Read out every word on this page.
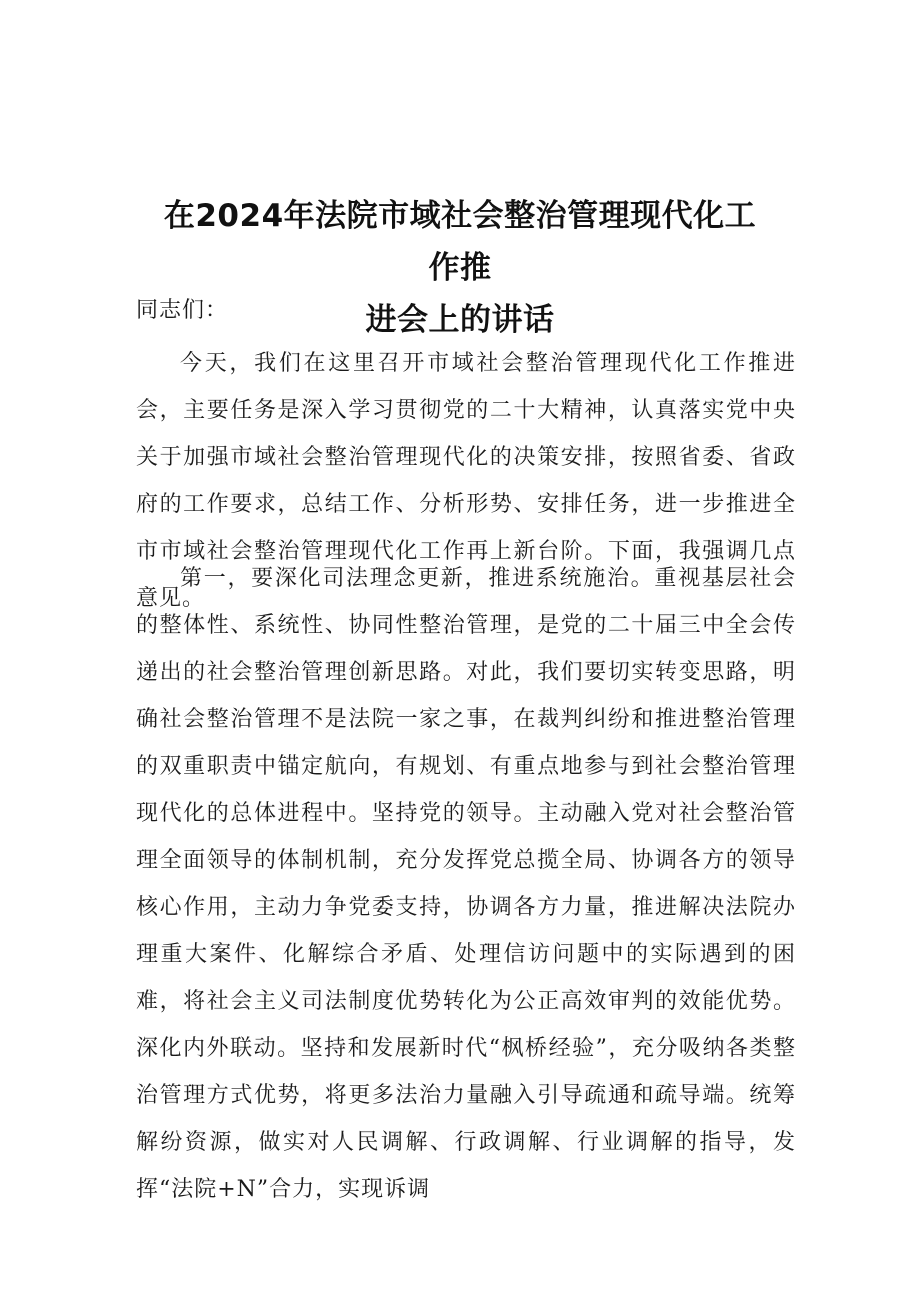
在2024年法院市域社会整治管理现代化工作推
进会上的讲话

同志们：

今天，我们在这里召开市域社会整治管理现代化工作推进会，主要任务是深入学习贯彻党的二十大精神，认真落实党中央关于加强市域社会整治管理现代化的决策安排，按照省委、省政府的工作要求，总结工作、分析形势、安排任务，进一步推进全市市域社会整治管理现代化工作再上新台阶。下面，我强调几点意见。

第一，要深化司法理念更新，推进系统施治。重视基层社会的整体性、系统性、协同性整治管理，是党的二十届三中全会传递出的社会整治管理创新思路。对此，我们要切实转变思路，明确社会整治管理不是法院一家之事，在裁判纠纷和推进整治管理的双重职责中锚定航向，有规划、有重点地参与到社会整治管理现代化的总体进程中。坚持党的领导。主动融入党对社会整治管理全面领导的体制机制，充分发挥党总揽全局、协调各方的领导核心作用，主动力争党委支持，协调各方力量，推进解决法院办理重大案件、化解综合矛盾、处理信访问题中的实际遇到的困难，将社会主义司法制度优势转化为公正高效审判的效能优势。深化内外联动。坚持和发展新时代“枫桥经验”，充分吸纳各类整治管理方式优势，将更多法治力量融入引导疏通和疏导端。统筹解纷资源，做实对人民调解、行政调解、行业调解的指导，发挥“法院+N”合力，实现诉调
